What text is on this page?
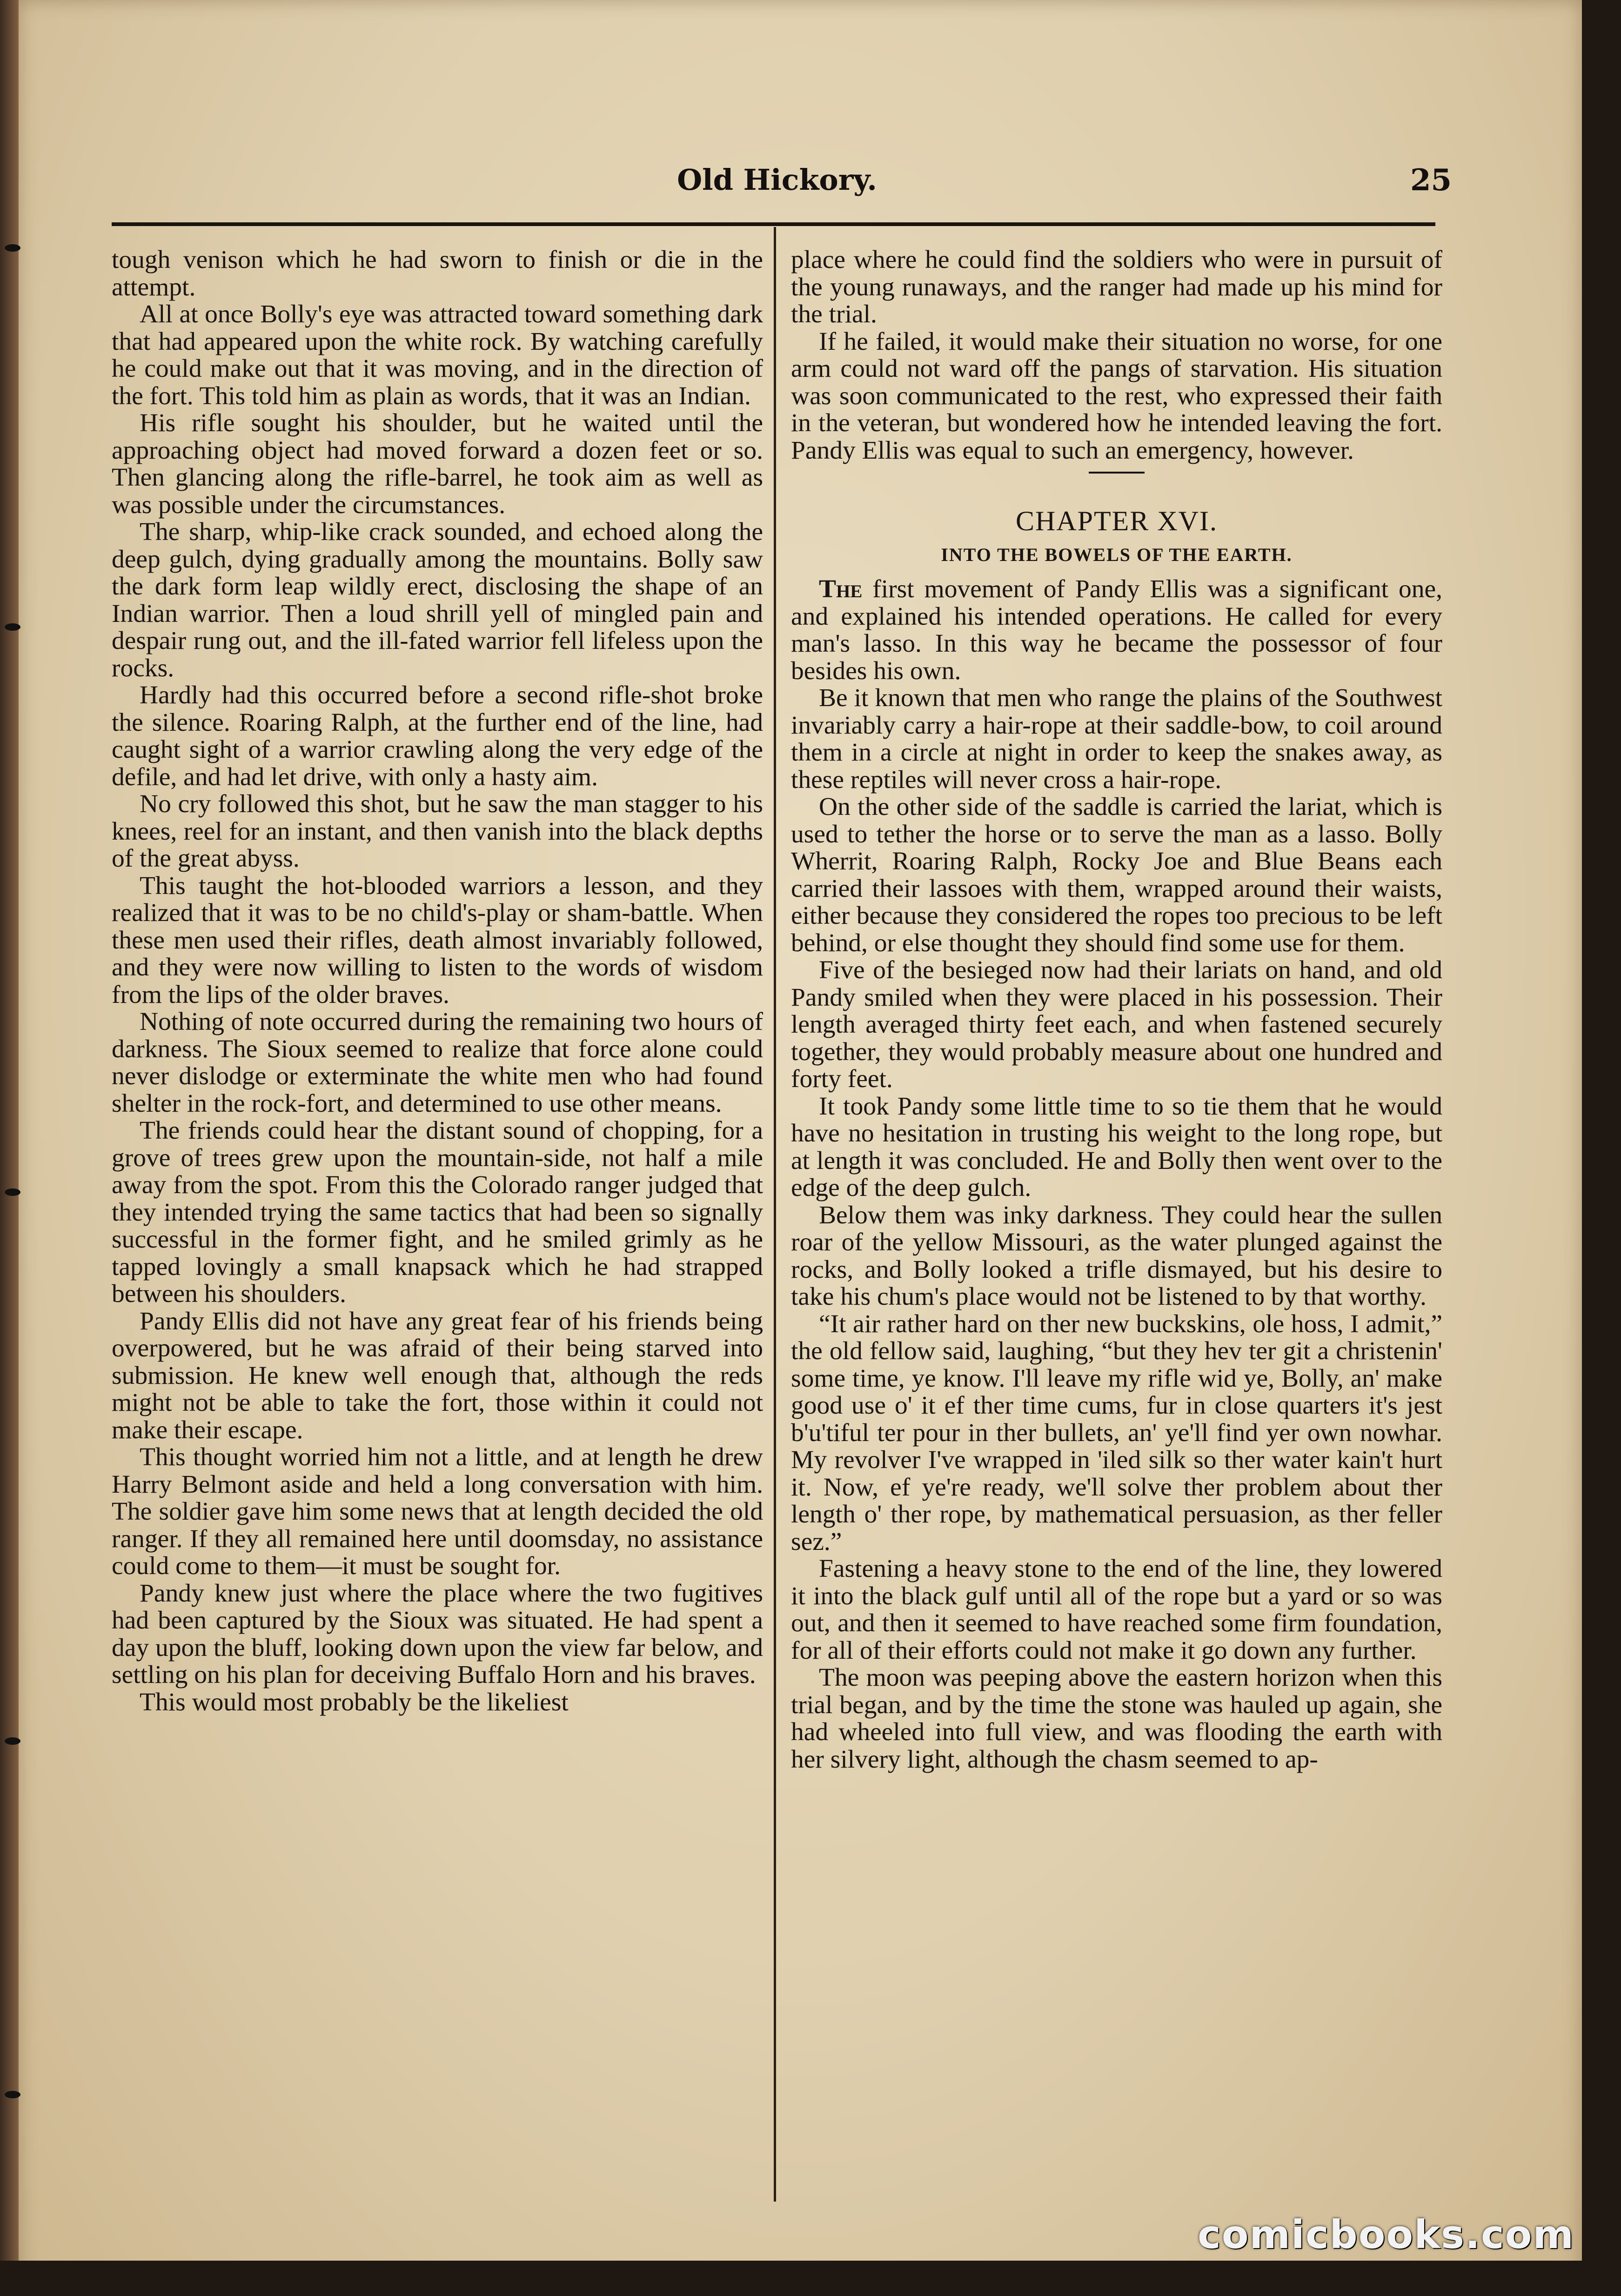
Old Hickory.	25

tough venison which he had sworn to finish or die in the attempt.

All at once Bolly's eye was attracted toward something dark that had appeared upon the white rock. By watching carefully he could make out that it was moving, and in the direction of the fort. This told him as plain as words, that it was an Indian.

His rifle sought his shoulder, but he waited until the approaching object had moved forward a dozen feet or so. Then glancing along the rifle-barrel, he took aim as well as was possible under the circumstances.

The sharp, whip-like crack sounded, and echoed along the deep gulch, dying gradually among the mountains. Bolly saw the dark form leap wildly erect, disclosing the shape of an Indian warrior. Then a loud shrill yell of mingled pain and despair rung out, and the ill-fated warrior fell lifeless upon the rocks.

Hardly had this occurred before a second rifle-shot broke the silence. Roaring Ralph, at the further end of the line, had caught sight of a warrior crawling along the very edge of the defile, and had let drive, with only a hasty aim.

No cry followed this shot, but he saw the man stagger to his knees, reel for an instant, and then vanish into the black depths of the great abyss.

This taught the hot-blooded warriors a lesson, and they realized that it was to be no child's-play or sham-battle. When these men used their rifles, death almost invariably followed, and they were now willing to listen to the words of wisdom from the lips of the older braves.

Nothing of note occurred during the remaining two hours of darkness. The Sioux seemed to realize that force alone could never dislodge or exterminate the white men who had found shelter in the rock-fort, and determined to use other means.

The friends could hear the distant sound of chopping, for a grove of trees grew upon the mountain-side, not half a mile away from the spot. From this the Colorado ranger judged that they intended trying the same tactics that had been so signally successful in the former fight, and he smiled grimly as he tapped lovingly a small knapsack which he had strapped between his shoulders.

Pandy Ellis did not have any great fear of his friends being overpowered, but he was afraid of their being starved into submission. He knew well enough that, although the reds might not be able to take the fort, those within it could not make their escape.

This thought worried him not a little, and at length he drew Harry Belmont aside and held a long conversation with him. The soldier gave him some news that at length decided the old ranger. If they all remained here until doomsday, no assistance could come to them—it must be sought for.

Pandy knew just where the place where the two fugitives had been captured by the Sioux was situated. He had spent a day upon the bluff, looking down upon the view far below, and settling on his plan for deceiving Buffalo Horn and his braves.

This would most probably be the likeliest

place where he could find the soldiers who were in pursuit of the young runaways, and the ranger had made up his mind for the trial.

If he failed, it would make their situation no worse, for one arm could not ward off the pangs of starvation. His situation was soon communicated to the rest, who expressed their faith in the veteran, but wondered how he intended leaving the fort. Pandy Ellis was equal to such an emergency, however.

CHAPTER XVI.
INTO THE BOWELS OF THE EARTH.

The first movement of Pandy Ellis was a significant one, and explained his intended operations. He called for every man's lasso. In this way he became the possessor of four besides his own.

Be it known that men who range the plains of the Southwest invariably carry a hair-rope at their saddle-bow, to coil around them in a circle at night in order to keep the snakes away, as these reptiles will never cross a hair-rope.

On the other side of the saddle is carried the lariat, which is used to tether the horse or to serve the man as a lasso. Bolly Wherrit, Roaring Ralph, Rocky Joe and Blue Beans each carried their lassoes with them, wrapped around their waists, either because they considered the ropes too precious to be left behind, or else thought they should find some use for them.

Five of the besieged now had their lariats on hand, and old Pandy smiled when they were placed in his possession. Their length averaged thirty feet each, and when fastened securely together, they would probably measure about one hundred and forty feet.

It took Pandy some little time to so tie them that he would have no hesitation in trusting his weight to the long rope, but at length it was concluded. He and Bolly then went over to the edge of the deep gulch.

Below them was inky darkness. They could hear the sullen roar of the yellow Missouri, as the water plunged against the rocks, and Bolly looked a trifle dismayed, but his desire to take his chum's place would not be listened to by that worthy.

“It air rather hard on ther new buckskins, ole hoss, I admit,” the old fellow said, laughing, “but they hev ter git a christenin' some time, ye know. I'll leave my rifle wid ye, Bolly, an' make good use o' it ef ther time cums, fur in close quarters it's jest b'u'tiful ter pour in ther bullets, an' ye'll find yer own nowhar. My revolver I've wrapped in 'iled silk so ther water kain't hurt it. Now, ef ye're ready, we'll solve ther problem about ther length o' ther rope, by mathematical persuasion, as ther feller sez.”

Fastening a heavy stone to the end of the line, they lowered it into the black gulf until all of the rope but a yard or so was out, and then it seemed to have reached some firm foundation, for all of their efforts could not make it go down any further.

The moon was peeping above the eastern horizon when this trial began, and by the time the stone was hauled up again, she had wheeled into full view, and was flooding the earth with her silvery light, although the chasm seemed to ap-

comicbooks.com
